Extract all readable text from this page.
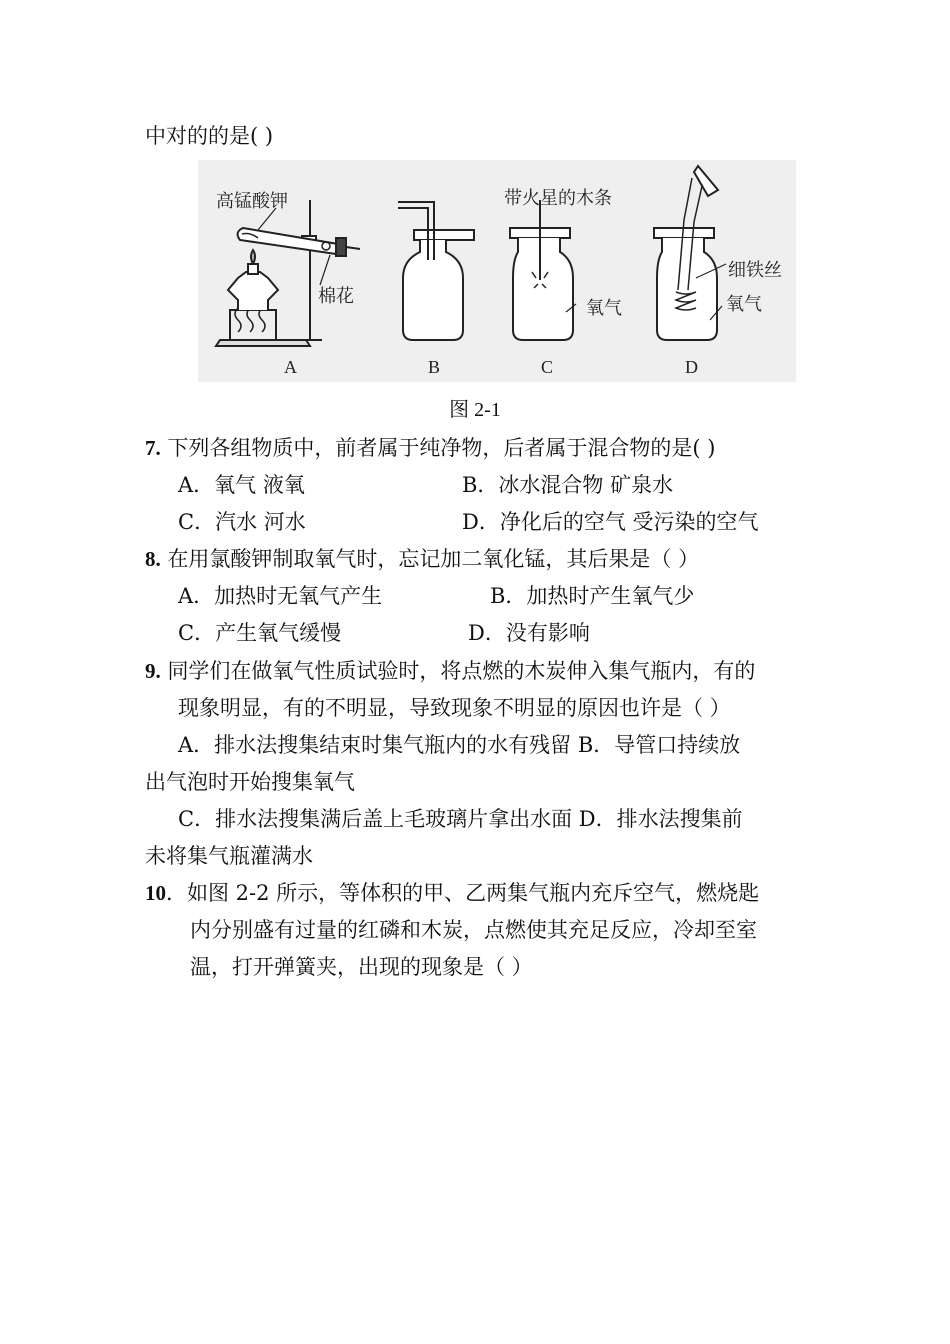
中对的的是( )
高锰酸钾
棉花
带火星的木条
氧气
细铁丝
氧气
A	B	C	D
图 2-1
7. 下列各组物质中，前者属于纯净物，后者属于混合物的是( )
A．氧气 液氧	B．冰水混合物 矿泉水
C．汽水 河水	D．净化后的空气 受污染的空气
8. 在用氯酸钾制取氧气时，忘记加二氧化锰，其后果是（ ）
A．加热时无氧气产生	B．加热时产生氧气少
C．产生氧气缓慢	D．没有影响
9. 同学们在做氧气性质试验时，将点燃的木炭伸入集气瓶内，有的
现象明显，有的不明显，导致现象不明显的原因也许是（ ）
A．排水法搜集结束时集气瓶内的水有残留 B．导管口持续放
出气泡时开始搜集氧气
C．排水法搜集满后盖上毛玻璃片拿出水面 D．排水法搜集前
未将集气瓶灌满水
10．如图 2-2 所示，等体积的甲、乙两集气瓶内充斥空气，燃烧匙
内分别盛有过量的红磷和木炭，点燃使其充足反应，冷却至室
温，打开弹簧夹，出现的现象是（ ）
